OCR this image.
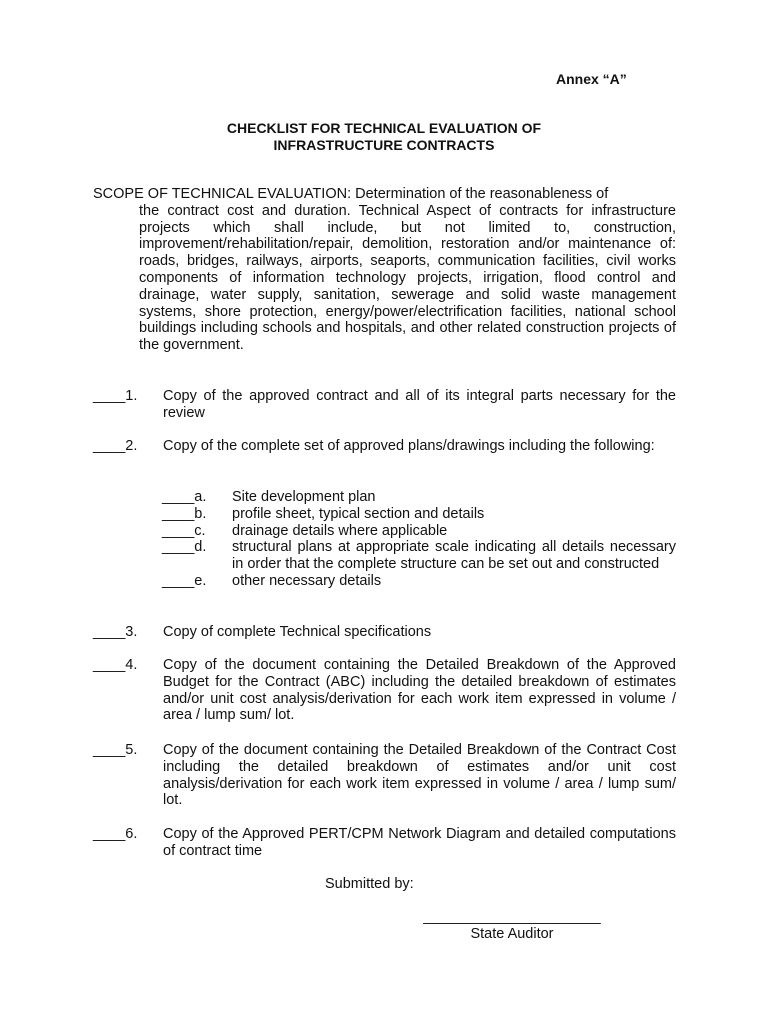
Annex “A”
CHECKLIST FOR TECHNICAL EVALUATION OF
INFRASTRUCTURE CONTRACTS
SCOPE OF TECHNICAL EVALUATION: Determination of the reasonableness of
the contract cost and duration. Technical Aspect of contracts for infrastructure projects which shall include, but not limited to, construction, improvement/rehabilitation/repair, demolition, restoration and/or maintenance of: roads, bridges, railways, airports, seaports, communication facilities, civil works components of information technology projects, irrigation, flood control and drainage, water supply, sanitation, sewerage and solid waste management systems, shore protection, energy/power/electrification facilities, national school buildings including schools and hospitals, and other related construction projects of the government.
____1.	Copy of the approved contract and all of its integral parts necessary for the review
____2.	Copy of the complete set of approved plans/drawings including the following:
____a.	Site development plan
____b.	profile sheet, typical section and details
____c.	drainage details where applicable
____d.	structural plans at appropriate scale indicating all details necessary in order that the complete structure can be set out and constructed
____e.	other necessary details
____3.	Copy of complete Technical specifications
____4.	Copy of the document containing the Detailed Breakdown of the Approved Budget for the Contract (ABC) including the detailed breakdown of estimates and/or unit cost analysis/derivation for each work item expressed in volume / area / lump sum/ lot.
____5.	Copy of the document containing the Detailed Breakdown of the Contract Cost including the detailed breakdown of estimates and/or unit cost analysis/derivation for each work item expressed in volume / area / lump sum/ lot.
____6.	Copy of the Approved PERT/CPM Network Diagram and detailed computations of contract time
Submitted by:
______________________
State Auditor
